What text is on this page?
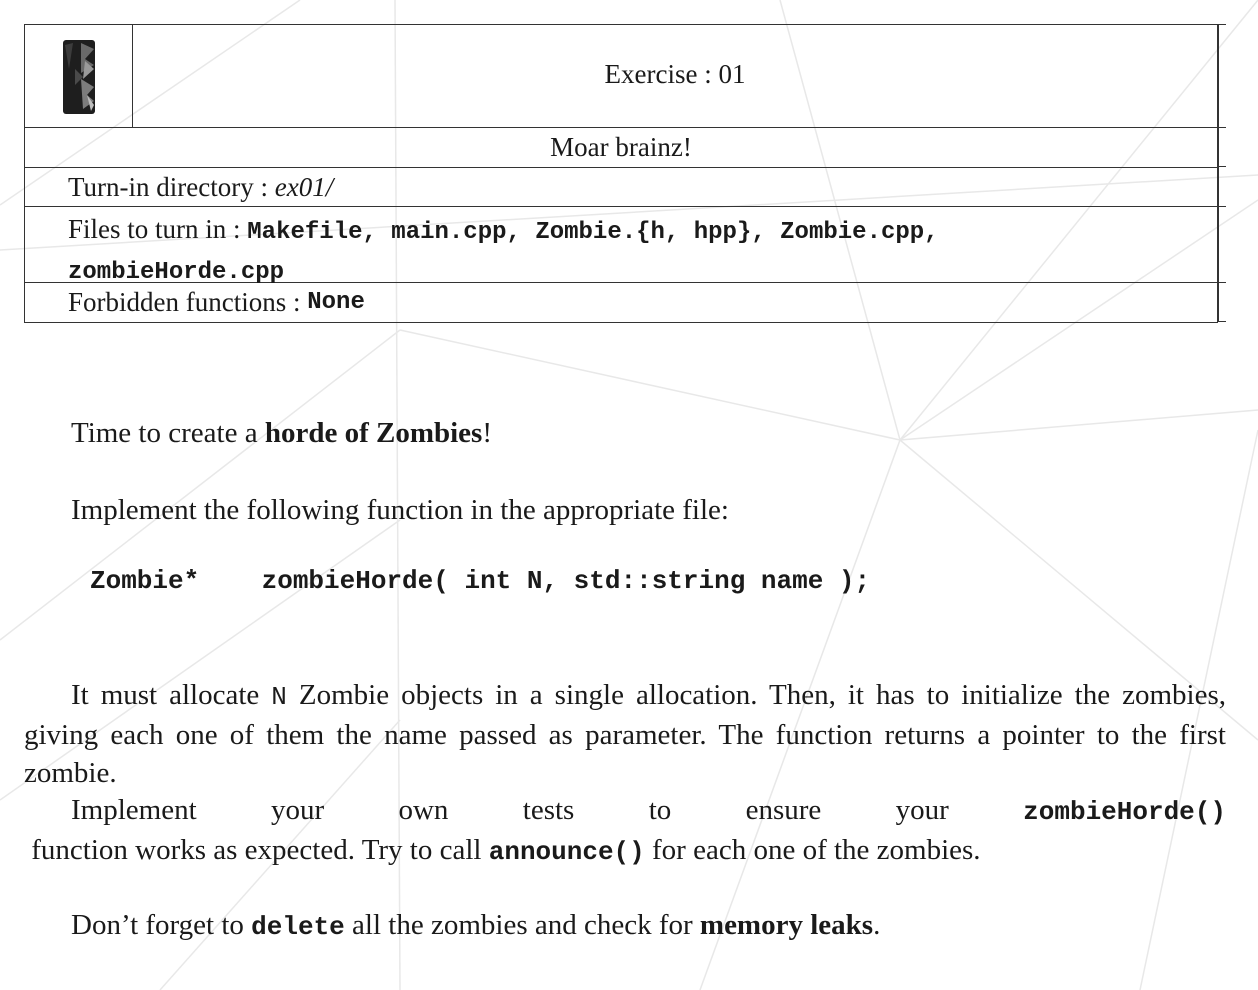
Exercise : 01
Moar brainz!
Turn-in directory : ex01/
Files to turn in : Makefile, main.cpp, Zombie.{h, hpp}, Zombie.cpp,
zombieHorde.cpp
Forbidden functions : None
Time to create a horde of Zombies!
Implement the following function in the appropriate file:
Zombie*    zombieHorde( int N, std::string name );
It must allocate N Zombie objects in a single allocation. Then, it has to initialize the zombies, giving each one of them the name passed as parameter. The function returns a pointer to the first zombie.
Implement your own tests to ensure your zombieHorde() function works as expected. Try to call announce() for each one of the zombies.
Don’t forget to delete all the zombies and check for memory leaks.
